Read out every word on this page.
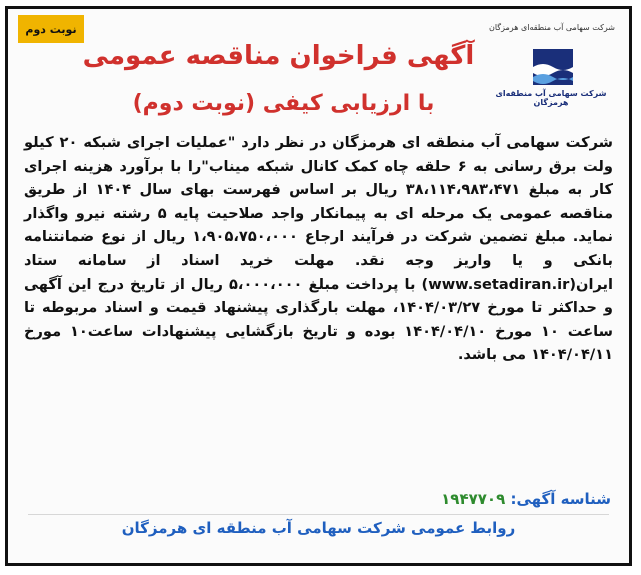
نوبت دوم	شرکت سهامی آب منطقه‌ای هرمزگان
شرکت سهامی آب منطقه‌ای هرمزگان
آگهی فراخوان مناقصه عمومی
با ارزیابی کیفی (نوبت دوم)

شرکت سهامی آب منطقه ای هرمزگان در نظر دارد "عملیات اجرای شبکه ۲۰ کیلو ولت برق رسانی به ۶ حلقه چاه کمک کانال شبکه میناب"را با برآورد هزینه اجرای کار به مبلغ ۳۸،۱۱۴،۹۸۳،۴۷۱ ریال بر اساس فهرست بهای سال ۱۴۰۴ از طریق مناقصه عمومی یک مرحله ای به پیمانکار واجد صلاحیت پایه ۵ رشته نیرو واگذار نماید. مبلغ تضمین شرکت در فرآیند ارجاع ۱،۹۰۵،۷۵۰،۰۰۰ ریال از نوع ضمانتنامه بانکی و یا واریز وجه نقد. مهلت خرید اسناد از سامانه ستاد ایران(www.setadiran.ir) با پرداخت مبلغ ۵،۰۰۰،۰۰۰ ریال از تاریخ درج این آگهی و حداکثر تا مورخ ۱۴۰۴/۰۳/۲۷، مهلت بارگذاری پیشنهاد قیمت و اسناد مربوطه تا ساعت ۱۰ مورخ ۱۴۰۴/۰۴/۱۰ بوده و تاریخ بازگشایی پیشنهادات ساعت۱۰ مورخ ۱۴۰۴/۰۴/۱۱ می باشد.

شناسه آگهی: ۱۹۴۷۷۰۹
روابط عمومی شرکت سهامی آب منطقه ای هرمزگان
